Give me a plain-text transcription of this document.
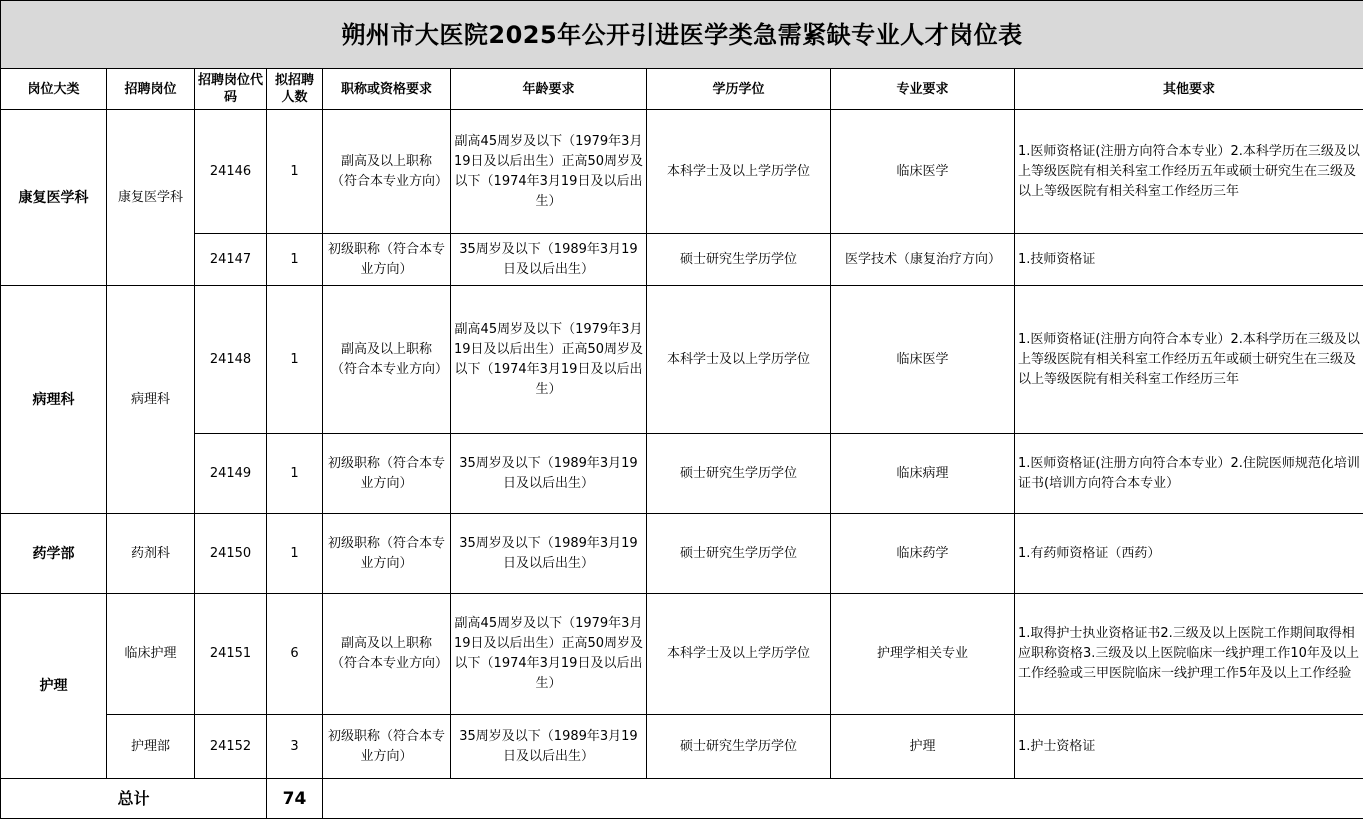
朔州市大医院2025年公开引进医学类急需紧缺专业人才岗位表								
岗位大类	招聘岗位	招聘岗位代码	拟招聘人数	职称或资格要求	年龄要求	学历学位	专业要求	其他要求
康复医学科	康复医学科	24146	1	副高及以上职称（符合本专业方向）	副高45周岁及以下（1979年3月19日及以后出生）正高50周岁及以下（1974年3月19日及以后出生）	本科学士及以上学历学位	临床医学	1.医师资格证(注册方向符合本专业）2.本科学历在三级及以上等级医院有相关科室工作经历五年或硕士研究生在三级及以上等级医院有相关科室工作经历三年
		24147	1	初级职称（符合本专业方向）	35周岁及以下（1989年3月19日及以后出生）	硕士研究生学历学位	医学技术（康复治疗方向）	1.技师资格证
病理科	病理科	24148	1	副高及以上职称（符合本专业方向）	副高45周岁及以下（1979年3月19日及以后出生）正高50周岁及以下（1974年3月19日及以后出生）	本科学士及以上学历学位	临床医学	1.医师资格证(注册方向符合本专业）2.本科学历在三级及以上等级医院有相关科室工作经历五年或硕士研究生在三级及以上等级医院有相关科室工作经历三年
		24149	1	初级职称（符合本专业方向）	35周岁及以下（1989年3月19日及以后出生）	硕士研究生学历学位	临床病理	1.医师资格证(注册方向符合本专业）2.住院医师规范化培训证书(培训方向符合本专业）
药学部	药剂科	24150	1	初级职称（符合本专业方向）	35周岁及以下（1989年3月19日及以后出生）	硕士研究生学历学位	临床药学	1.有药师资格证（西药）
护理	临床护理	24151	6	副高及以上职称（符合本专业方向）	副高45周岁及以下（1979年3月19日及以后出生）正高50周岁及以下（1974年3月19日及以后出生）	本科学士及以上学历学位	护理学相关专业	1.取得护士执业资格证书2.三级及以上医院工作期间取得相应职称资格3.三级及以上医院临床一线护理工作10年及以上工作经验或三甲医院临床一线护理工作5年及以上工作经验
	护理部	24152	3	初级职称（符合本专业方向）	35周岁及以下（1989年3月19日及以后出生）	硕士研究生学历学位	护理	1.护士资格证
总计			74					
